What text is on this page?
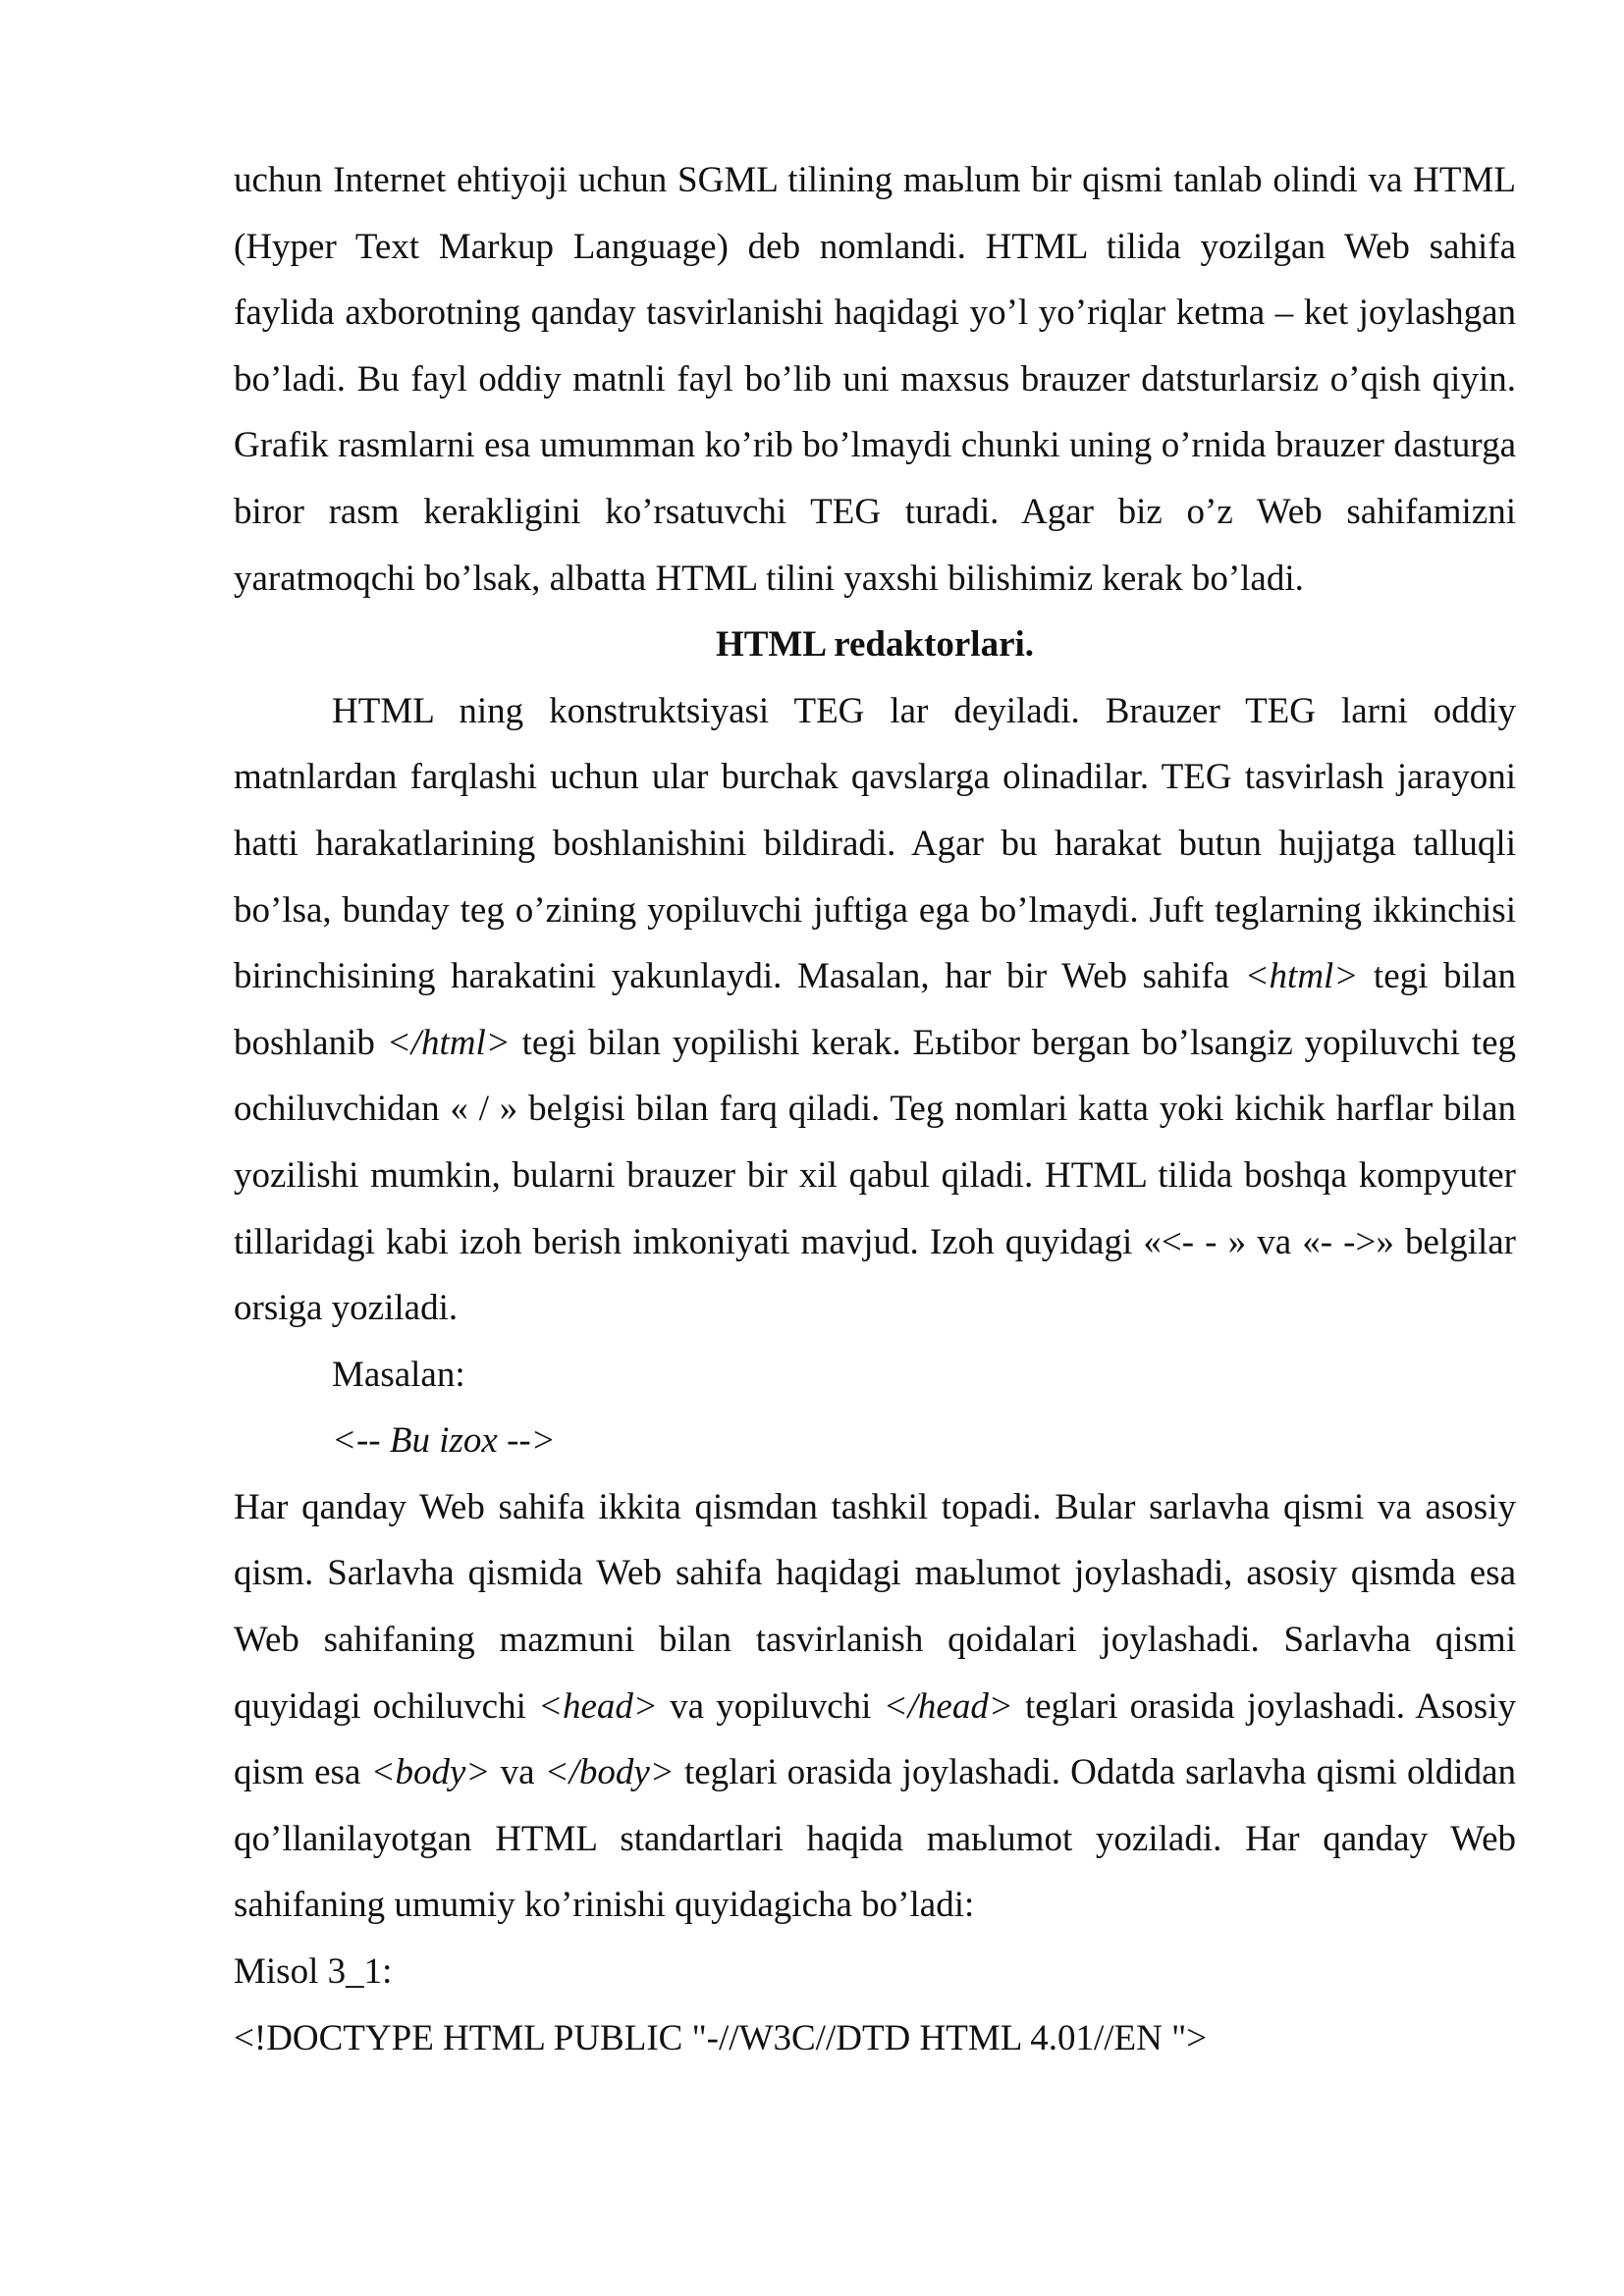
uchun Internet ehtiyoji uchun SGML tilining maьlum bir qismi tanlab olindi va HTML (Hyper Text Markup Language) deb nomlandi. HTML tilida yozilgan Web sahifa faylida axborotning qanday tasvirlanishi haqidagi yo’l yo’riqlar ketma – ket joylashgan bo’ladi. Bu fayl oddiy matnli fayl bo’lib uni maxsus brauzer datsturlarsiz o’qish qiyin. Grafik rasmlarni esa umumman ko’rib bo’lmaydi chunki uning o’rnida brauzer dasturga biror rasm kerakligini ko’rsatuvchi TEG turadi. Agar biz o’z Web sahifamizni yaratmoqchi bo’lsak, albatta HTML tilini yaxshi bilishimiz kerak bo’ladi.

HTML redaktorlari.

HTML ning konstruktsiyasi TEG lar deyiladi. Brauzer TEG larni oddiy matnlardan farqlashi uchun ular burchak qavslarga olinadilar. TEG tasvirlash jarayoni hatti harakatlarining boshlanishini bildiradi. Agar bu harakat butun hujjatga talluqli bo’lsa, bunday teg o’zining yopiluvchi juftiga ega bo’lmaydi. Juft teglarning ikkinchisi birinchisining harakatini yakunlaydi. Masalan, har bir Web sahifa <html> tegi bilan boshlanib </html> tegi bilan yopilishi kerak. Eьtibor bergan bo’lsangiz yopiluvchi teg ochiluvchidan « / » belgisi bilan farq qiladi. Teg nomlari katta yoki kichik harflar bilan yozilishi mumkin, bularni brauzer bir xil qabul qiladi. HTML tilida boshqa kompyuter tillaridagi kabi izoh berish imkoniyati mavjud. Izoh quyidagi «<- - » va «- ->» belgilar orsiga yoziladi.

Masalan:

<-- Bu izox -->

Har qanday Web sahifa ikkita qismdan tashkil topadi. Bular sarlavha qismi va asosiy qism. Sarlavha qismida Web sahifa haqidagi maьlumot joylashadi, asosiy qismda esa Web sahifaning mazmuni bilan tasvirlanish qoidalari joylashadi. Sarlavha qismi quyidagi ochiluvchi <head> va yopiluvchi </head> teglari orasida joylashadi. Asosiy qism esa <body> va </body> teglari orasida joylashadi. Odatda sarlavha qismi oldidan qo’llanilayotgan HTML standartlari haqida maьlumot yoziladi. Har qanday Web sahifaning umumiy ko’rinishi quyidagicha bo’ladi:

Misol 3_1:

<!DOCTYPE HTML PUBLIC "-//W3C//DTD HTML 4.01//EN ">
